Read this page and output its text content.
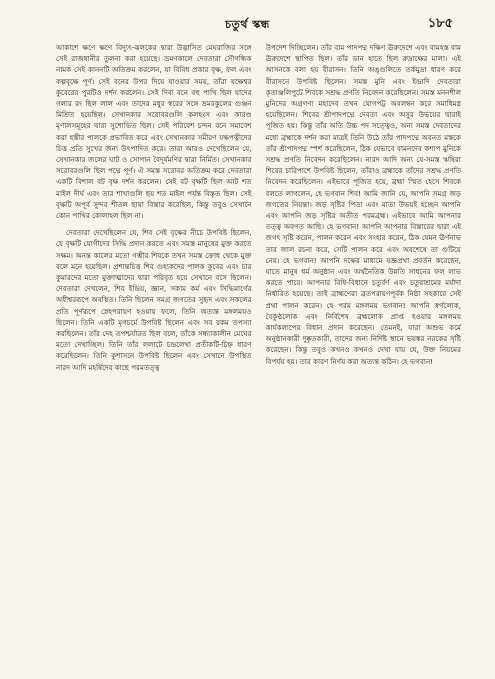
চতুৰ্থ স্কন্ধ	১৮৫

আকাশে ক্ষণে ক্ষণে বিদ্যুৎ-ঝলকের দ্বারা উদ্ভাসিত মেঘরাজির সঙ্গে সেই রাজধানীর তুলনা করা হয়েছে। ভ্রমণকালে দেবতারা সৌগন্ধিক নামক সেই কাননটি অতিক্রম করলেন, যা বিবিধ প্রকার বৃক্ষ, ফল এবং কল্পবৃক্ষে পূর্ণ। সেই বনের উপর দিয়ে যাওয়ার সময়, তাঁরা যক্ষেশ্বর কুবেরের পুরটিও দর্শন করলেন। সেই দিব্য বনে বহু পাখি ছিল যাদের গলার রং ছিল লাল এবং তাদের মধুর স্বরের সঙ্গে ভ্রমরকুলের গুঞ্জন মিশ্রিত হয়েছিল। সেখানকার সরোবরগুলি কলহংস এবং কারণ্ড মৃণালসমূহের দ্বারা সুশোভিত ছিল। সেই পরিবেশ চন্দন বনে সমাবেশ করা হস্তীর পালকে প্রভাবিত করে এবং সেখানকার সমীরণ যক্ষপত্নীদের চিত্ত প্রতি সুখের জন্য উৎপাদিত করে। তারা আরও দেখেছিলেন যে, সেখানকার জলের ঘাট ও সোপান বৈদূর্যমণির দ্বারা নির্মিত। সেখানকার সরোবরগুলি ছিল পদ্মে পূর্ণ। ঐ সমস্ত সরোবর অতিক্রম করে দেবতারা একটি বিশাল বট বৃক্ষ দর্শন করলেন। সেই বট বৃক্ষটি ছিল আট শত মাইল দীর্ঘ এবং তার শাখাগুলি ছয় শত মাইল পর্যন্ত বিস্তৃত ছিল। সেই বৃক্ষটি অপূর্ব সুন্দর শীতল ছায়া বিস্তার করেছিল, কিন্তু তবুও সেখানে কোন পাখির কোলাহল ছিল না।

দেবতারা দেখেছিলেন যে, শিব সেই বৃক্ষের নীচে উপবিষ্ট ছিলেন, যে বৃক্ষটি যোগীদের সিদ্ধি প্রদান করতে এবং সমস্ত মানুষের মুক্ত করতে সক্ষম। অনন্ত কালের মতো গম্ভীর শিবকে তখন সমস্ত ক্রোধ থেকে মুক্ত বলে মনে হয়েছিল। প্রশান্তচিত্ত শিব গুহ্যকদের পালক কুবের এবং চার কুমারদের মতো মুক্তাত্মাদের দ্বারা পরিবৃত হয়ে সেখানে বসে ছিলেন। দেবতারা দেখলেন, শিব ইন্দ্রিয়, জ্ঞান, সকাম কর্ম এবং সিদ্ধিমার্গের অধীশ্বররূপে অবস্থিত। তিনি ছিলেন সমগ্র জগতের সুহৃদ এবং সকলের প্রতি পূর্ণরূপে স্নেহপরায়ণ হওয়ায় ফলে, তিনি অত্যন্ত মঙ্গলময়ও ছিলেন। তিনি একটি মৃগচর্মে উপবিষ্ট ছিলেন এবং সব রকম তপস্যা করছিলেন। তাঁর দেহ তপশ্চর্যারত ছিল বলে, তাঁকে সন্ধ্যাকালীন মেঘের মতো দেখাচ্ছিল। তিনি তাঁর ললাটে চন্দ্রলেখা প্রতীকটি-চিহ্ন ধারণ করেছিলেন। তিনি কুশাসনে উপবিষ্ট ছিলেন এবং সেখানে উপস্থিত নারদ আদি মহর্ষিদের কাছে পরমতত্ত্ব

উপদেশ দিচ্ছিলেন। তাঁর বাম পাদপদ্ম দক্ষিণ ঊরুদেশে এবং বামহস্ত বাম ঊরুদেশে স্থাপিত ছিল। তাঁর ডান হাতে ছিল রুদ্রাক্ষের মালা। এই আসনকে বলা হয় বীরাসন। তিনি অঙ্গুলিতে তর্কমুদ্রা ধারণ করে বীরাসনে উপবিষ্ট ছিলেন। সমস্ত মুনি এবং ইন্দ্রাদি দেবতারা কৃতাঞ্জলিপুটে শিবকে সশ্রদ্ধ প্রণতি নিবেদন করেছিলেন। সমস্ত মননশীল মুনিদের অগ্রগণ্য মহাদেব তখন যোগপট্ট অবলম্বন করে সমাধিমগ্ন হয়েছিলেন। শিবের শ্রীপাদপদ্মে দেবতা এবং অসুর উভয়ের দ্বারাই পূজিত হয়। কিন্তু তাঁর অতি উচ্চ পদ সত্ত্বেও, অন্য সমস্ত দেবতাদের মধ্যে ব্রহ্মাকে দর্শন করা মাত্রই তিনি উঠে তাঁর পাদপদ্মে অবনত মস্তকে তাঁর শ্রীপাদপদ্ম স্পর্শ করেছিলেন, ঠিক যেভাবে বামনদেব কশ্যপ মুনিকে সশ্রদ্ধ প্রণতি নিবেদন করেছিলেন। নারদ আদি অন্য যে-সমস্ত ঋষিরা শিবের চারিপাশে উপবিষ্ট ছিলেন, তাঁরাও ব্রহ্মাকে তাঁদের সশ্রদ্ধ প্রণতি নিবেদন করেছিলেন। এইভাবে পূজিত হয়ে, ব্রহ্মা স্মিত হেসে শিবকে বলতে লাগলেন, হে ভগবান শিব! আমি জানি যে, আপনি সমগ্র জড় জগতের নিয়ন্তা। জড় সৃষ্টির পিতা এবং মাতা উভয়ই হচ্ছেন আপনি এবং আপনি জড় সৃষ্টির অতীত পরমব্রহ্ম। এইভাবে আমি আপনার তত্ত্ব অবগত আছি। হে ভগবান! আপনি আপনার বিস্তারের দ্বারা এই জগৎ সৃষ্টি করেন, পালন করেন এবং সংহার করেন, ঠিক যেমন ঊর্ণনাভ তার জাল রচনা করে, সেটি পালন করে এবং অবশেষে তা গুটিয়ে নেয়। হে ভগবান! আপনি দক্ষের মাধ্যমে যজ্ঞপ্রথা প্রবর্তন করেছেন, যাতে মানুষ ধর্ম অনুষ্ঠান এবং অর্থনৈতিক উন্নতি সাধনের ফল লাভ করতে পারে। আপনার বিধি-বিধানে চতুর্বর্ণ এবং চতুরাশ্রমের মর্যাদা নির্ধারিত হয়েছে। তাই ব্রাহ্মণেরা ব্রতপরায়ণপূর্বক নিষ্ঠা সহকারে সেই প্রথা পালন করেন। হে পরম মঙ্গলময় ভগবান! আপনি স্বর্গলোক, বৈকুণ্ঠলোক এবং নির্বিশেষ ব্রহ্মলোক প্রাপ্ত হওয়ার মঙ্গলময় কার্যকলাপের বিধান প্রদান করেছেন। তেমনই, যারা অশুভ কর্মে অনুষ্ঠানকারী দুষ্কৃতকারী, তাদের জন্য নির্দিষ্ট স্থানে ভয়ঙ্কর নরকের সৃষ্টি করেছেন। কিন্তু তবুও কখনও কখনও দেখা যায় যে, উক্ত নিয়মের বিপর্যয় হয়। তার কারণ নির্ণয় করা অত্যন্ত কঠিন। হে ভগবান!
